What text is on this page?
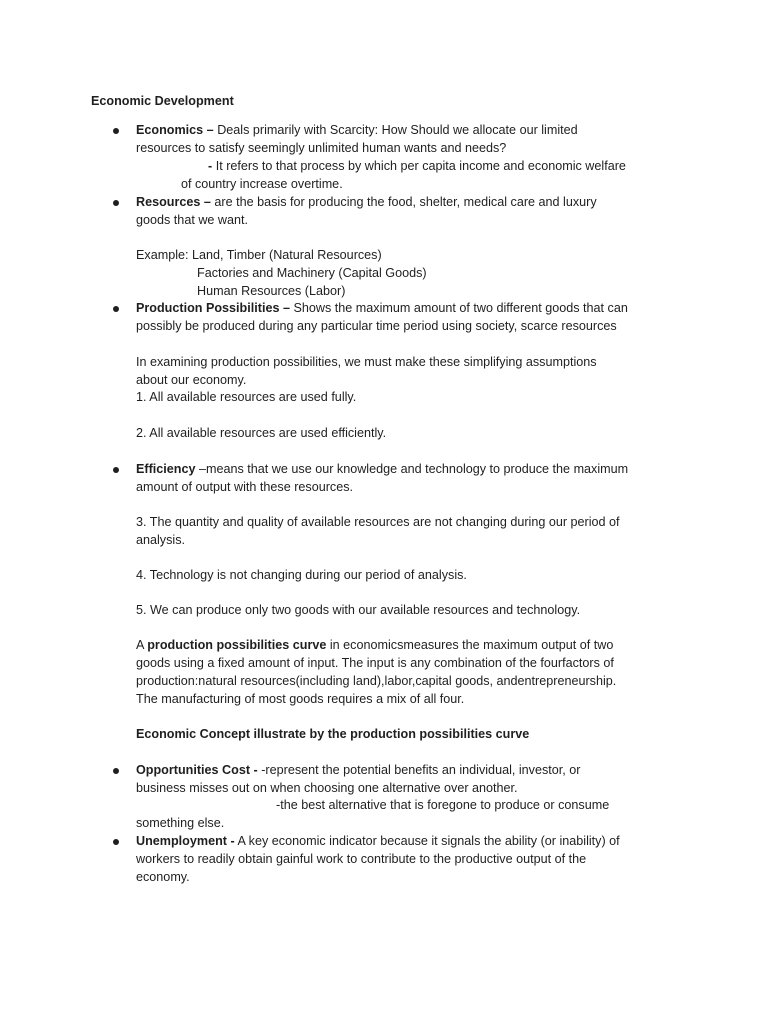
Economic Development

Economics – Deals primarily with Scarcity: How Should we allocate our limited

resources to satisfy seemingly unlimited human wants and needs?

- It refers to that process by which per capita income and economic welfare

of country increase overtime.

Resources – are the basis for producing the food, shelter, medical care and luxury

goods that we want.

Example: Land, Timber (Natural Resources)

Factories and Machinery (Capital Goods)

Human Resources (Labor)

Production Possibilities – Shows the maximum amount of two different goods that can

possibly be produced during any particular time period using society, scarce resources

In examining production possibilities, we must make these simplifying assumptions

about our economy.

1. All available resources are used fully.

2. All available resources are used efficiently.

Efficiency –means that we use our knowledge and technology to produce the maximum

amount of output with these resources.

3. The quantity and quality of available resources are not changing during our period of

analysis.

4. Technology is not changing during our period of analysis.

5. We can produce only two goods with our available resources and technology.

A production possibilities curve in economicsmeasures the maximum output of two

goods using a fixed amount of input. The input is any combination of the fourfactors of

production:natural resources(including land),labor,capital goods, andentrepreneurship.

The manufacturing of most goods requires a mix of all four.

Economic Concept illustrate by the production possibilities curve

Opportunities Cost - -represent the potential benefits an individual, investor, or

business misses out on when choosing one alternative over another.

-the best alternative that is foregone to produce or consume

something else.

Unemployment - A key economic indicator because it signals the ability (or inability) of

workers to readily obtain gainful work to contribute to the productive output of the

economy.
